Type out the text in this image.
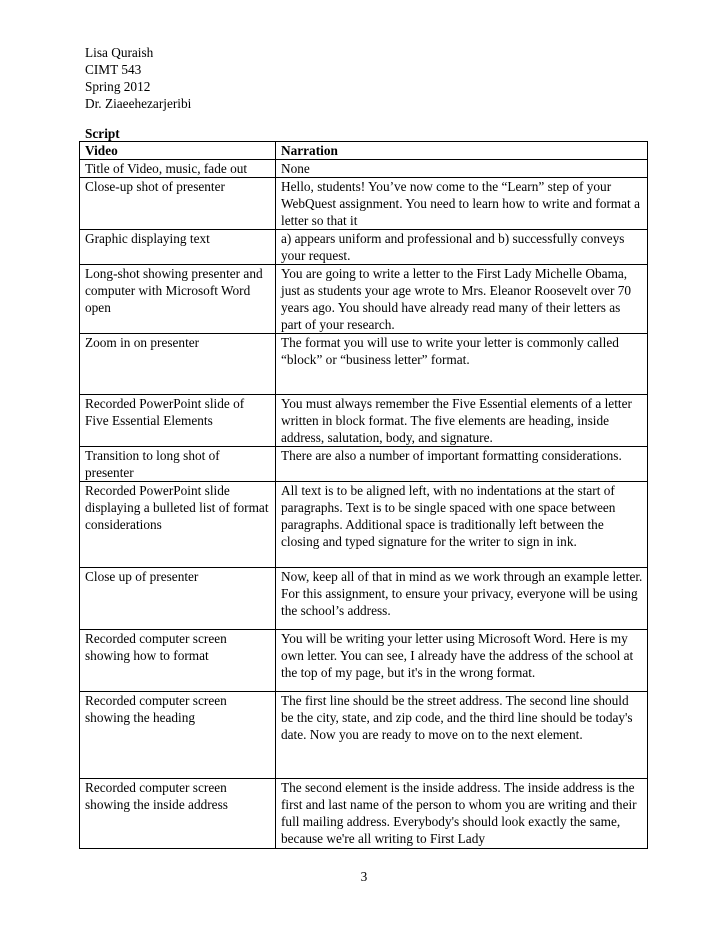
Lisa Quraish
CIMT 543
Spring 2012
Dr. Ziaeehezarjeribi
Script
Video	Narration
Title of Video, music, fade out	None
Close-up shot of presenter	Hello, students! You’ve now come to the “Learn” step of your WebQuest assignment. You need to learn how to write and format a letter so that it
Graphic displaying text	a) appears uniform and professional and b) successfully conveys your request.
Long-shot showing presenter and computer with Microsoft Word open	You are going to write a letter to the First Lady Michelle Obama, just as students your age wrote to Mrs. Eleanor Roosevelt over 70 years ago. You should have already read many of their letters as part of your research.
Zoom in on presenter	The format you will use to write your letter is commonly called “block” or “business letter” format.
Recorded PowerPoint slide of Five Essential Elements	You must always remember the Five Essential elements of a letter written in block format. The five elements are heading, inside address, salutation, body, and signature.
Transition to long shot of presenter	There are also a number of important formatting considerations.
Recorded PowerPoint slide displaying a bulleted list of format considerations	All text is to be aligned left, with no indentations at the start of paragraphs. Text is to be single spaced with one space between paragraphs. Additional space is traditionally left between the closing and typed signature for the writer to sign in ink.
Close up of presenter	Now, keep all of that in mind as we work through an example letter. For this assignment, to ensure your privacy, everyone will be using the school’s address.
Recorded computer screen showing how to format	You will be writing your letter using Microsoft Word. Here is my own letter. You can see, I already have the address of the school at the top of my page, but it's in the wrong format.
Recorded computer screen showing the heading	The first line should be the street address. The second line should be the city, state, and zip code, and the third line should be today's date. Now you are ready to move on to the next element.
Recorded computer screen showing the inside address	The second element is the inside address. The inside address is the first and last name of the person to whom you are writing and their full mailing address. Everybody's should look exactly the same, because we're all writing to First Lady
3
